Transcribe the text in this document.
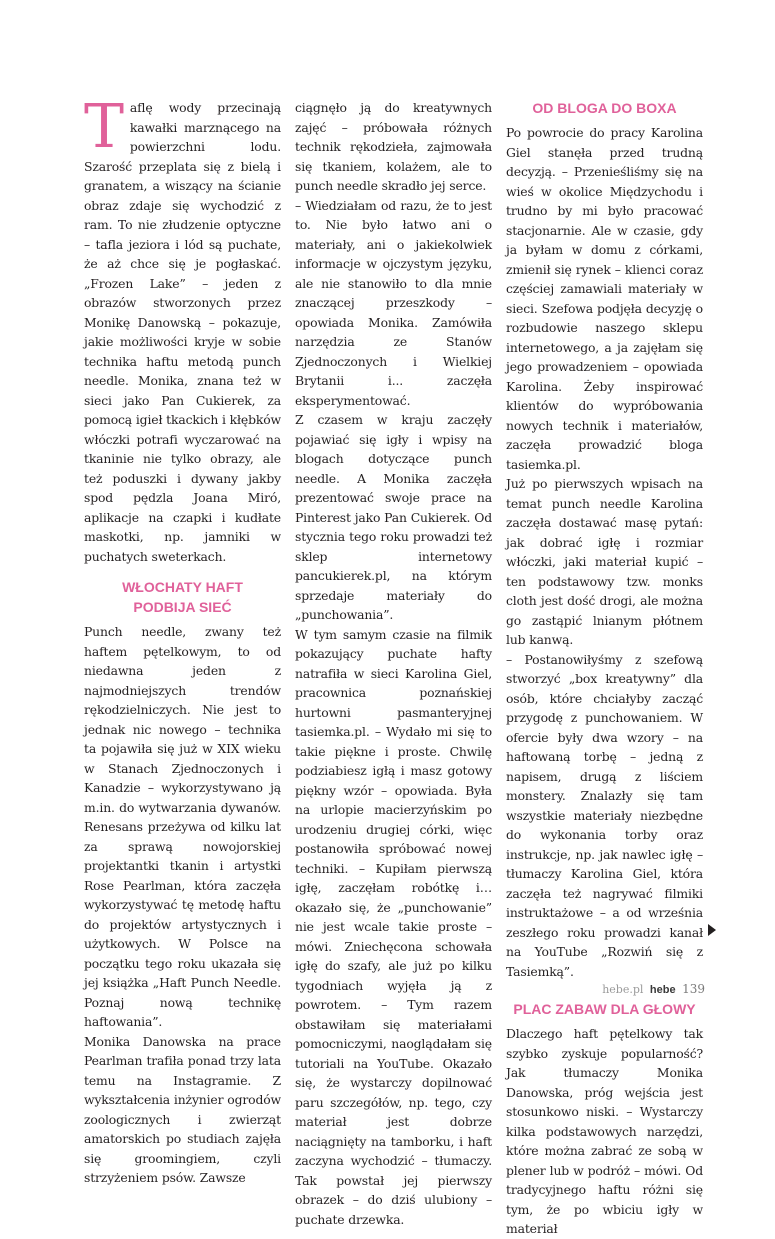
T aflę wody przecinają kawałki marznącego na powierzchni lodu. Szarość przeplata się z bielą i granatem, a wiszący na ścianie obraz zdaje się wychodzić z ram. To nie złudzenie optyczne – tafla jeziora i lód są puchate, że aż chce się je pogłaskać. „Frozen Lake” – jeden z obrazów stworzonych przez Monikę Danowską – pokazuje, jakie możliwości kryje w sobie technika haftu metodą punch needle. Monika, znana też w sieci jako Pan Cukierek, za pomocą igieł tkackich i kłębków włóczki potrafi wyczarować na tkaninie nie tylko obrazy, ale też poduszki i dywany jakby spod pędzla Joana Miró, aplikacje na czapki i kudłate maskotki, np. jamniki w puchatych sweterkach.

WŁOCHATY HAFT
PODBIJA SIEĆ

Punch needle, zwany też haftem pętelkowym, to od niedawna jeden z najmodniejszych trendów rękodzielniczych. Nie jest to jednak nic nowego – technika ta pojawiła się już w XIX wieku w Stanach Zjednoczonych i Kanadzie – wykorzystywano ją m.in. do wytwarzania dywanów. Renesans przeżywa od kilku lat za sprawą nowojorskiej projektantki tkanin i artystki Rose Pearlman, która zaczęła wykorzystywać tę metodę haftu do projektów artystycznych i użytkowych. W Polsce na początku tego roku ukazała się jej książka „Haft Punch Needle. Poznaj nową technikę haftowania”.

Monika Danowska na prace Pearlman trafiła ponad trzy lata temu na Instagramie. Z wykształcenia inżynier ogrodów zoologicznych i zwierząt amatorskich po studiach zajęła się groomingiem, czyli strzyżeniem psów. Zawsze

ciągnęło ją do kreatywnych zajęć – próbowała różnych technik rękodzieła, zajmowała się tkaniem, kolażem, ale to punch needle skradło jej serce.

– Wiedziałam od razu, że to jest to. Nie było łatwo ani o materiały, ani o jakiekolwiek informacje w ojczystym języku, ale nie stanowiło to dla mnie znaczącej przeszkody – opowiada Monika. Zamówiła narzędzia ze Stanów Zjednoczonych i Wielkiej Brytanii i... zaczęła eksperymentować.

Z czasem w kraju zaczęły pojawiać się igły i wpisy na blogach dotyczące punch needle. A Monika zaczęła prezentować swoje prace na Pinterest jako Pan Cukierek. Od stycznia tego roku prowadzi też sklep internetowy pancukierek.pl, na którym sprzedaje materiały do „punchowania”.

W tym samym czasie na filmik pokazujący puchate hafty natrafiła w sieci Karolina Giel, pracownica poznańskiej hurtowni pasmanteryjnej tasiemka.pl. – Wydało mi się to takie piękne i proste. Chwilę podziabiesz igłą i masz gotowy piękny wzór – opowiada. Była na urlopie macierzyńskim po urodzeniu drugiej córki, więc postanowiła spróbować nowej techniki. – Kupiłam pierwszą igłę, zaczęłam robótkę i… okazało się, że „punchowanie” nie jest wcale takie proste – mówi. Zniechęcona schowała igłę do szafy, ale już po kilku tygodniach wyjęła ją z powrotem. – Tym razem obstawiłam się materiałami pomocniczymi, naoglądałam się tutoriali na YouTube. Okazało się, że wystarczy dopilnować paru szczegółów, np. tego, czy materiał jest dobrze naciągnięty na tamborku, i haft zaczyna wychodzić – tłumaczy. Tak powstał jej pierwszy obrazek – do dziś ulubiony – puchate drzewka.

OD BLOGA DO BOXA

Po powrocie do pracy Karolina Giel stanęła przed trudną decyzją. – Przenieśliśmy się na wieś w okolice Międzychodu i trudno by mi było pracować stacjonarnie. Ale w czasie, gdy ja byłam w domu z córkami, zmienił się rynek – klienci coraz częściej zamawiali materiały w sieci. Szefowa podjęła decyzję o rozbudowie naszego sklepu internetowego, a ja zajęłam się jego prowadzeniem – opowiada Karolina. Żeby inspirować klientów do wypróbowania nowych technik i materiałów, zaczęła prowadzić bloga tasiemka.pl.

Już po pierwszych wpisach na temat punch needle Karolina zaczęła dostawać masę pytań: jak dobrać igłę i rozmiar włóczki, jaki materiał kupić – ten podstawowy tzw. monks cloth jest dość drogi, ale można go zastąpić lnianym płótnem lub kanwą.

– Postanowiłyśmy z szefową stworzyć „box kreatywny” dla osób, które chciałyby zacząć przygodę z punchowaniem. W ofercie były dwa wzory – na haftowaną torbę – jedną z napisem, drugą z liściem monstery. Znalazły się tam wszystkie materiały niezbędne do wykonania torby oraz instrukcje, np. jak nawlec igłę – tłumaczy Karolina Giel, która zaczęła też nagrywać filmiki instruktażowe – a od września zeszłego roku prowadzi kanał na YouTube „Rozwiń się z Tasiemką”.

PLAC ZABAW DLA GŁOWY

Dlaczego haft pętelkowy tak szybko zyskuje popularność? Jak tłumaczy Monika Danowska, próg wejścia jest stosunkowo niski. – Wystarczy kilka podstawowych narzędzi, które można zabrać ze sobą w plener lub w podróż – mówi. Od tradycyjnego haftu różni się tym, że po wbiciu igły w materiał

hebe.pl hebe 139
